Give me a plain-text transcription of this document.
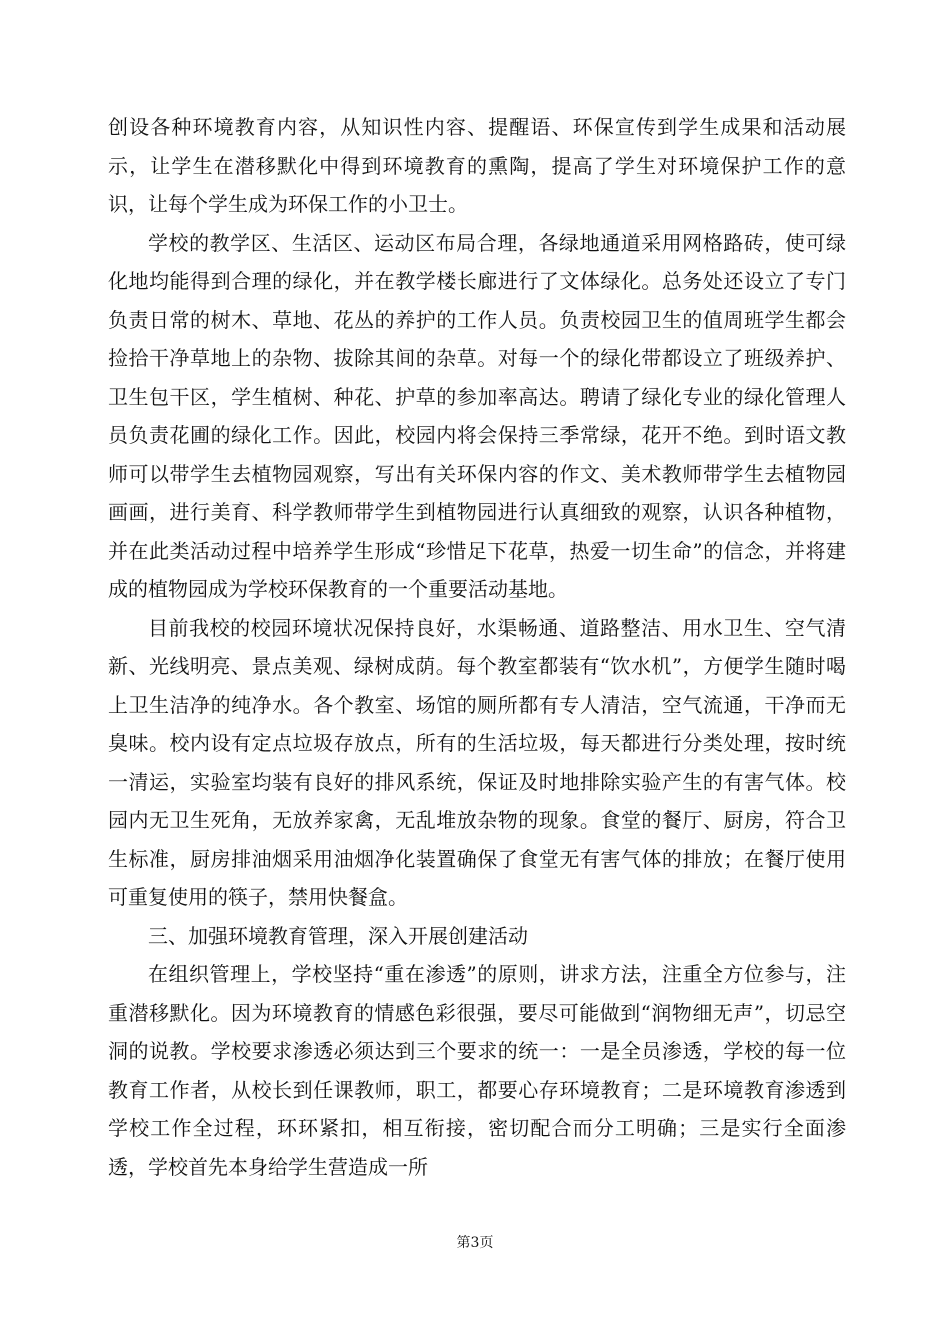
创设各种环境教育内容，从知识性内容、提醒语、环保宣传到学生成果和活动展示，让学生在潜移默化中得到环境教育的熏陶，提高了学生对环境保护工作的意识，让每个学生成为环保工作的小卫士。

学校的教学区、生活区、运动区布局合理，各绿地通道采用网格路砖，使可绿化地均能得到合理的绿化，并在教学楼长廊进行了文体绿化。总务处还设立了专门负责日常的树木、草地、花丛的养护的工作人员。负责校园卫生的值周班学生都会捡拾干净草地上的杂物、拔除其间的杂草。对每一个的绿化带都设立了班级养护、卫生包干区，学生植树、种花、护草的参加率高达。聘请了绿化专业的绿化管理人员负责花圃的绿化工作。因此，校园内将会保持三季常绿，花开不绝。到时语文教师可以带学生去植物园观察，写出有关环保内容的作文、美术教师带学生去植物园画画，进行美育、科学教师带学生到植物园进行认真细致的观察，认识各种植物，并在此类活动过程中培养学生形成“珍惜足下花草，热爱一切生命”的信念，并将建成的植物园成为学校环保教育的一个重要活动基地。

目前我校的校园环境状况保持良好，水渠畅通、道路整洁、用水卫生、空气清新、光线明亮、景点美观、绿树成荫。每个教室都装有“饮水机”，方便学生随时喝上卫生洁净的纯净水。各个教室、场馆的厕所都有专人清洁，空气流通，干净而无臭味。校内设有定点垃圾存放点，所有的生活垃圾，每天都进行分类处理，按时统一清运，实验室均装有良好的排风系统，保证及时地排除实验产生的有害气体。校园内无卫生死角，无放养家禽，无乱堆放杂物的现象。食堂的餐厅、厨房，符合卫生标准，厨房排油烟采用油烟净化装置确保了食堂无有害气体的排放；在餐厅使用可重复使用的筷子，禁用快餐盒。

三、加强环境教育管理，深入开展创建活动

在组织管理上，学校坚持“重在渗透”的原则，讲求方法，注重全方位参与，注重潜移默化。因为环境教育的情感色彩很强，要尽可能做到“润物细无声”，切忌空洞的说教。学校要求渗透必须达到三个要求的统一：一是全员渗透，学校的每一位教育工作者，从校长到任课教师，职工，都要心存环境教育；二是环境教育渗透到学校工作全过程，环环紧扣，相互衔接，密切配合而分工明确；三是实行全面渗透，学校首先本身给学生营造成一所

第3页
